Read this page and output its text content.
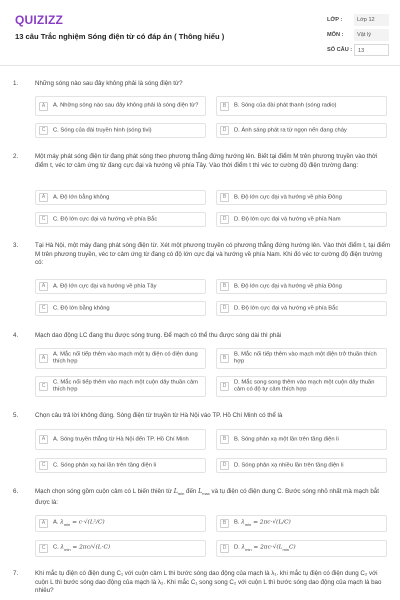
QUIZIZZ
13 câu Trắc nghiệm Sóng điện từ có đáp án ( Thông hiểu )
LỚP :	Lớp 12
MÔN :	Vật lý
SỐ CÂU :	13
1.	Những sóng nào sau đây không phải là sóng điện từ?
A	A. Những sóng nào sau đây không phải là sóng điện từ?	B	B. Sóng của đài phát thanh (sóng radio)
C	C. Sóng của đài truyền hình (sóng tivi)	D	D. Ánh sáng phát ra từ ngọn nến đang cháy
2.	Một máy phát sóng điện từ đang phát sóng theo phương thẳng đứng hướng lên. Biết tại điểm M trên phương truyền vào thời điểm t, véc tơ cảm ứng từ đang cực đại và hướng về phía Tây. Vào thời điểm t thì véc tơ cường độ điện trường đang:
A	A. Độ lớn bằng không	B	B. Độ lớn cực đại và hướng về phía Đông
C	C. Độ lớn cực đại và hướng về phía Bắc	D	D. Độ lớn cực đại và hướng về phía Nam
3.	Tại Hà Nội, một máy đang phát sóng điện từ. Xét một phương truyền có phương thẳng đứng hướng lên. Vào thời điểm t, tại điểm M trên phương truyền, véc tơ cảm ứng từ đang có độ lớn cực đại và hướng về phía Nam. Khi đó véc tơ cường độ điện trường có:
A	A. Độ lớn cực đại và hướng về phía Tây	B	B. Độ lớn cực đại và hướng về phía Đông
C	C. Độ lớn bằng không	D	D. Độ lớn cực đại và hướng về phía Bắc
4.	Mạch dao động LC đang thu được sóng trung. Để mạch có thể thu được sóng dài thì phải
A
A. Mắc nối tiếp thêm vào mạch một tụ điện có điện dung thích hợp
B
B. Mắc nối tiếp thêm vào mạch một điện trở thuần thích hợp
C
C. Mắc nối tiếp thêm vào mạch một cuộn dây thuần cảm thích hợp
D
D. Mắc song song thêm vào mạch một cuộn dây thuần cảm có độ tự cảm thích hợp
5.	Chọn câu trả lời không đúng. Sóng điện từ truyền từ Hà Nội vào TP. Hồ Chí Minh có thể là
A	A. Sóng truyền thẳng từ Hà Nội đến TP. Hồ Chí Minh	B	B. Sóng phản xạ một lần trên tầng điện li
C	C. Sóng phản xạ hai lần trên tầng điện li	D	D. Sóng phản xạ nhiều lần trên tầng điện li
6.	Mạch chọn sóng gồm cuộn cảm có L biến thiên từ $L_{min}$ đến $L_{max}$ và tụ điện có điện dung C. Bước sóng nhỏ nhất mà mạch bắt được là:
A	A. $\lambda_{min} = c\cdot√(L^2/C)$	B	B. $\lambda_{min} = 2\pi c\cdot√(L/C)$
C	C. $\lambda_{min} = 2\pi c/√(L\cdot C)$	D	D. $\lambda_{min} = 2\pi c\cdot√(L_{min}C)$
7.	Khi mắc tụ điện có điện dung C₁ với cuộn cảm L thì bước sóng dao động của mạch là λ₁. khi mắc tụ điện có điện dung C₂ với cuộn L thì bước sóng dao động của mạch là λ₂. Khi mắc C₁ song song C₂ với cuộn L thì bước sóng dao động của mạch là bao nhiêu?
